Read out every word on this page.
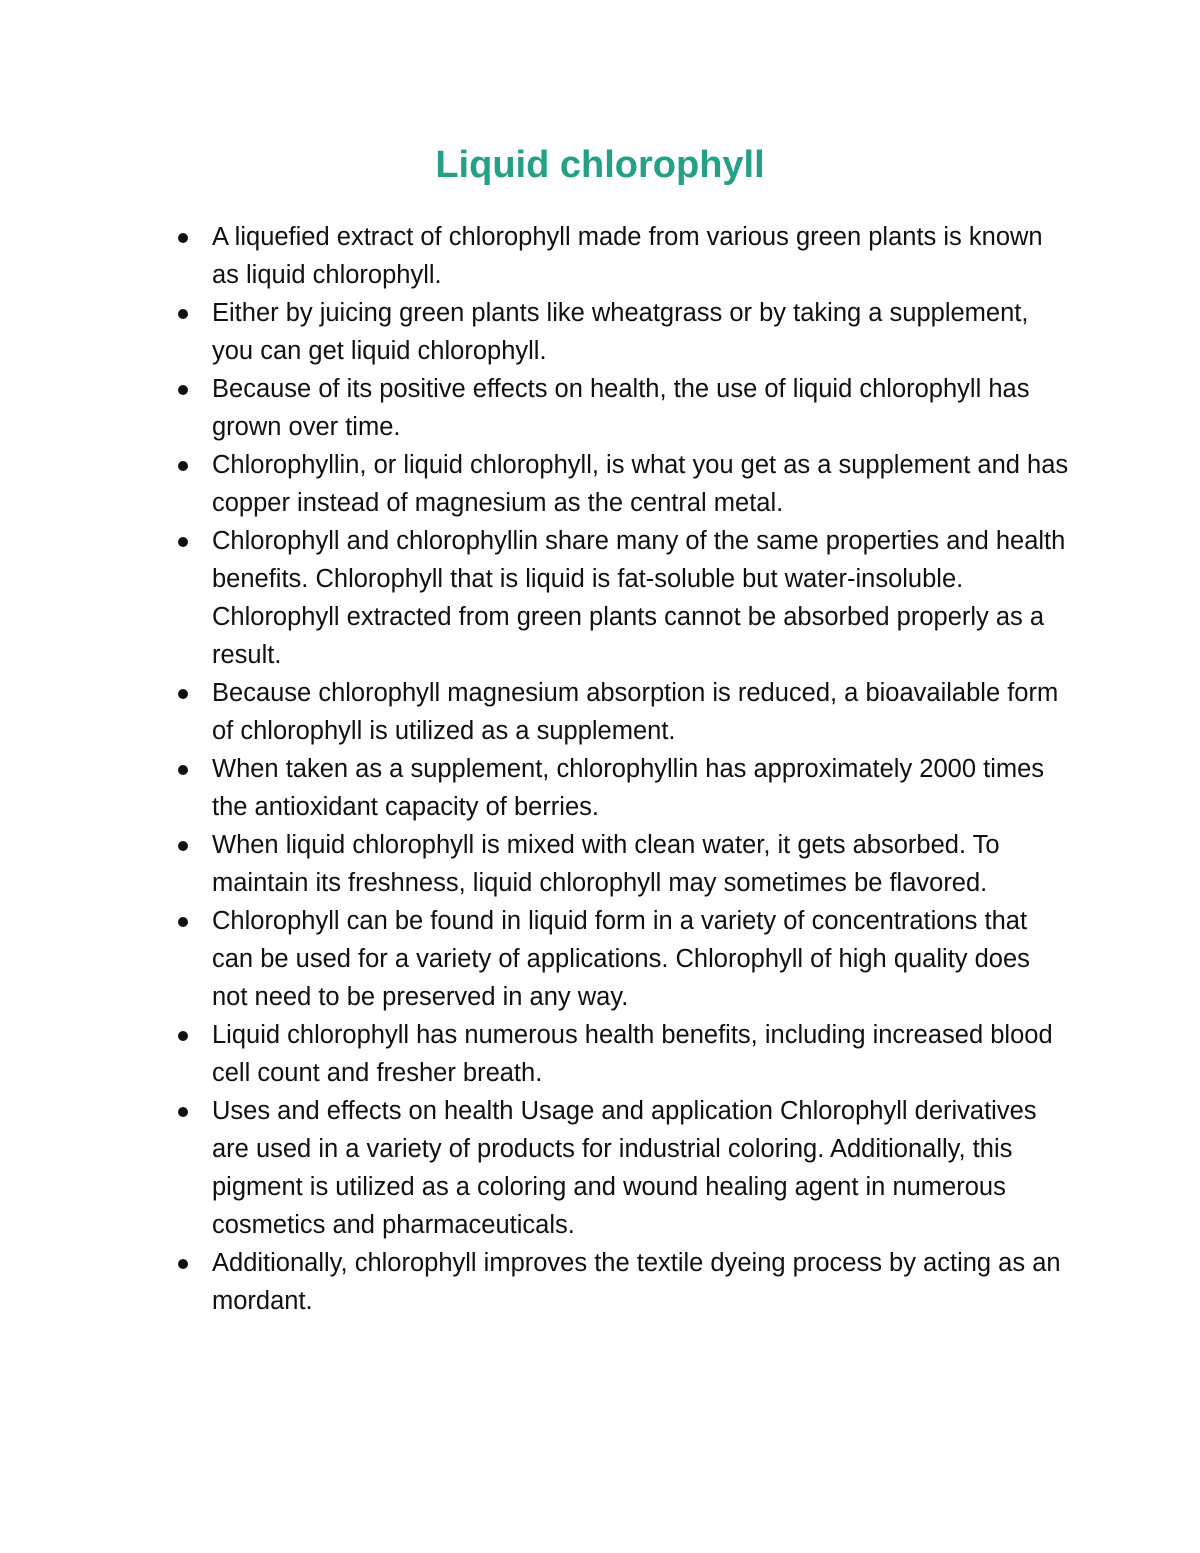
Liquid chlorophyll
A liquefied extract of chlorophyll made from various green plants is known as liquid chlorophyll.
Either by juicing green plants like wheatgrass or by taking a supplement, you can get liquid chlorophyll.
Because of its positive effects on health, the use of liquid chlorophyll has grown over time.
Chlorophyllin, or liquid chlorophyll, is what you get as a supplement and has copper instead of magnesium as the central metal.
Chlorophyll and chlorophyllin share many of the same properties and health benefits. Chlorophyll that is liquid is fat-soluble but water-insoluble. Chlorophyll extracted from green plants cannot be absorbed properly as a result.
Because chlorophyll magnesium absorption is reduced, a bioavailable form of chlorophyll is utilized as a supplement.
When taken as a supplement, chlorophyllin has approximately 2000 times the antioxidant capacity of berries.
When liquid chlorophyll is mixed with clean water, it gets absorbed. To maintain its freshness, liquid chlorophyll may sometimes be flavored.
Chlorophyll can be found in liquid form in a variety of concentrations that can be used for a variety of applications. Chlorophyll of high quality does not need to be preserved in any way.
Liquid chlorophyll has numerous health benefits, including increased blood cell count and fresher breath.
Uses and effects on health Usage and application Chlorophyll derivatives are used in a variety of products for industrial coloring. Additionally, this pigment is utilized as a coloring and wound healing agent in numerous cosmetics and pharmaceuticals.
Additionally, chlorophyll improves the textile dyeing process by acting as an mordant.
